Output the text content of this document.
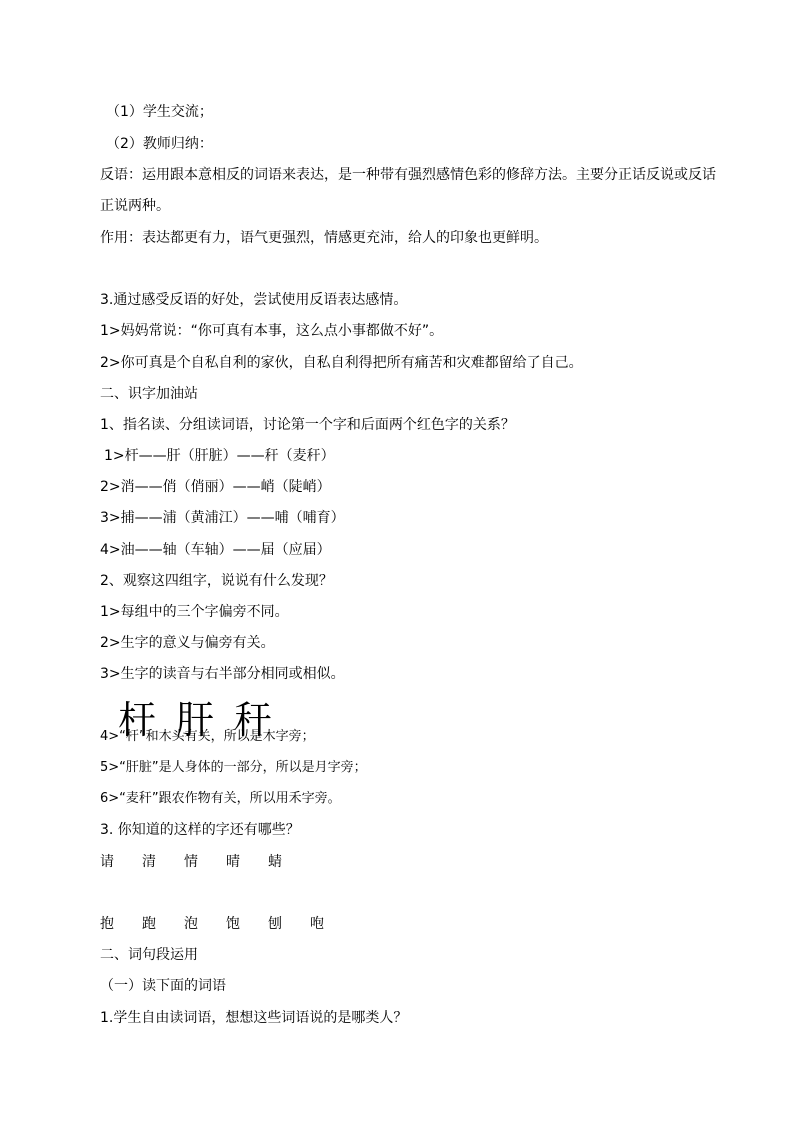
（1）学生交流；
（2）教师归纳：
反语：运用跟本意相反的词语来表达，是一种带有强烈感情色彩的修辞方法。主要分正话反说或反话
正说两种。
作用：表达都更有力，语气更强烈，情感更充沛，给人的印象也更鲜明。
3.通过感受反语的好处，尝试使用反语表达感情。
1>妈妈常说：“你可真有本事，这么点小事都做不好”。
2>你可真是个自私自利的家伙，自私自利得把所有痛苦和灾难都留给了自己。
二、识字加油站
1、指名读、分组读词语，讨论第一个字和后面两个红色字的关系？
1>杆——肝（肝脏）——秆（麦秆）
2>消——俏（俏丽）——峭（陡峭）
3>捕——浦（黄浦江）——哺（哺育）
4>油——轴（车轴）——届（应届）
2、观察这四组字，说说有什么发现？
1>每组中的三个字偏旁不同。
2>生字的意义与偏旁有关。
3>生字的读音与右半部分相同或相似。
杆 肝 秆
4>“杆”和木头有关，所以是木字旁；
5>“肝脏”是人身体的一部分，所以是月字旁；
6>“麦秆”跟农作物有关，所以用禾字旁。
3. 你知道的这样的字还有哪些？
请 清 情 晴 蜻
抱 跑 泡 饱 刨 咆
二、词句段运用
（一）读下面的词语
1.学生自由读词语，想想这些词语说的是哪类人？
